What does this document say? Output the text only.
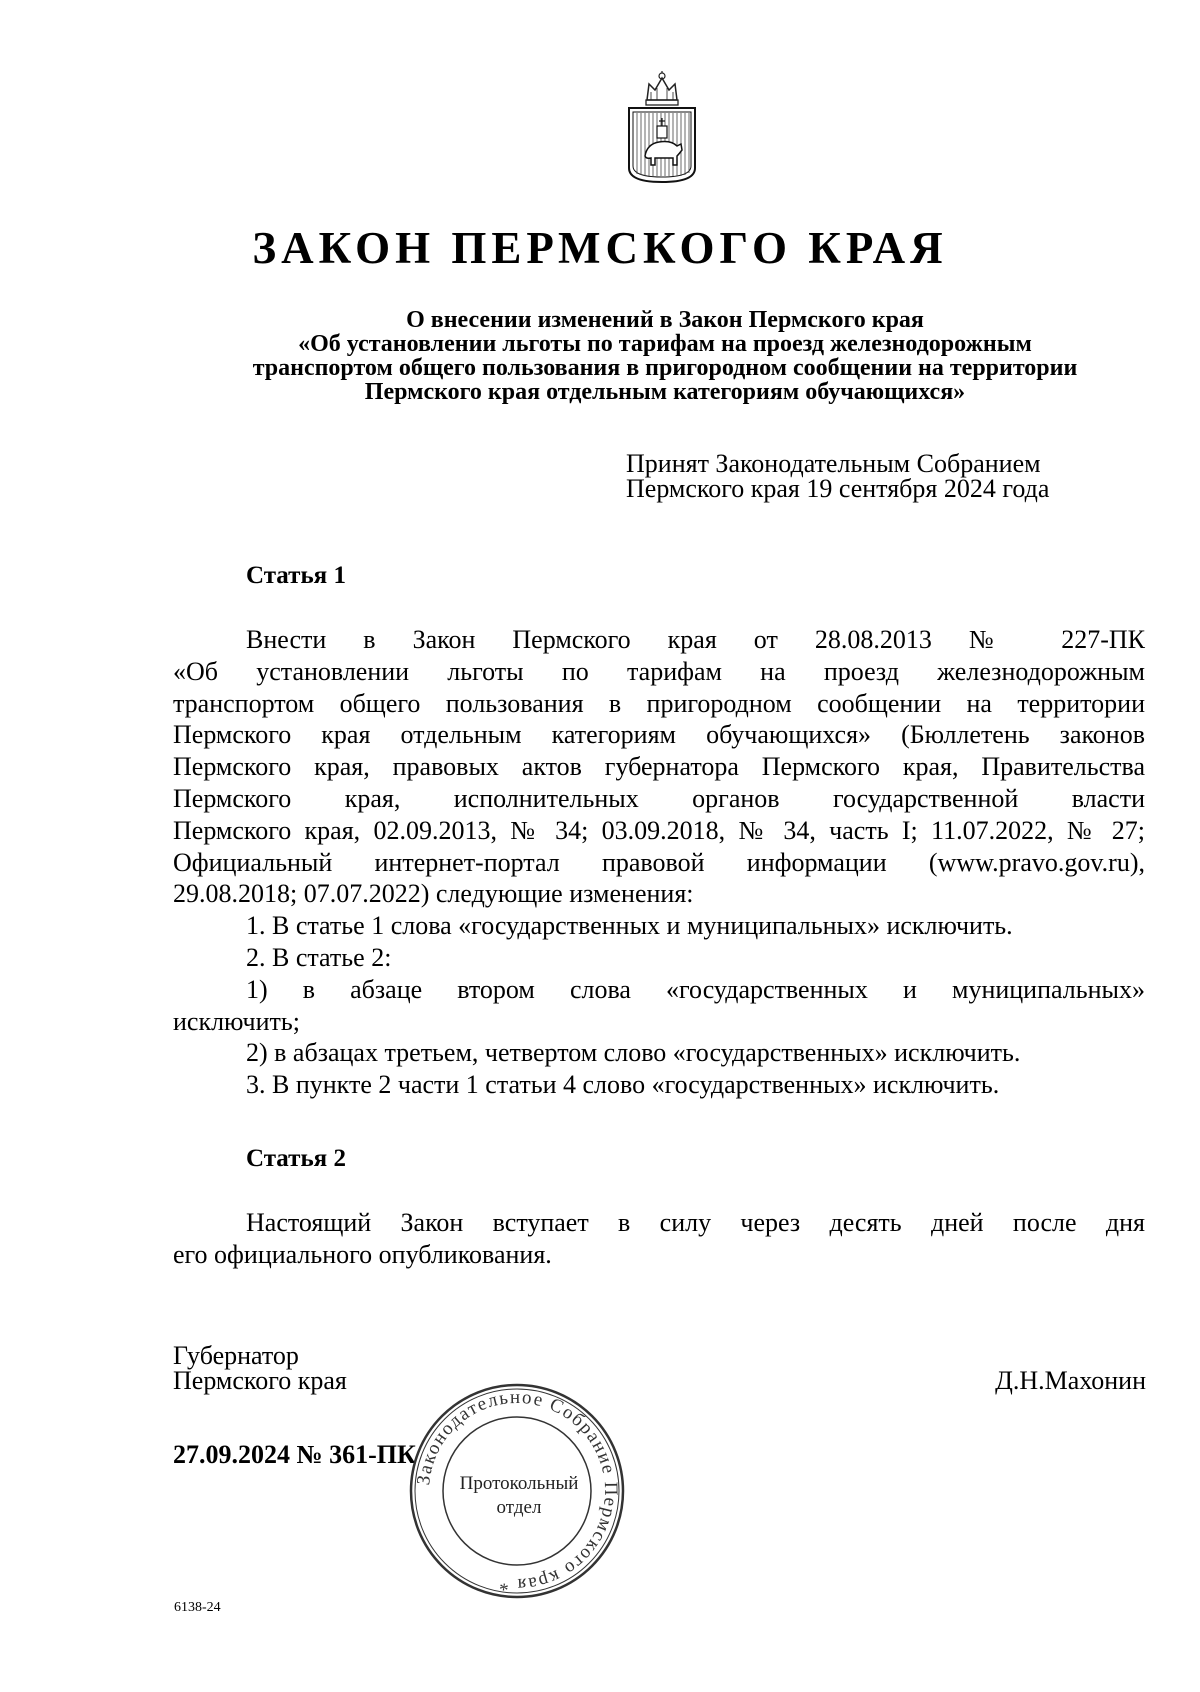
ЗАКОН ПЕРМСКОГО КРАЯ
О внесении изменений в Закон Пермского края
«Об установлении льготы по тарифам на проезд железнодорожным
транспортом общего пользования в пригородном сообщении на территории
Пермского края отдельным категориям обучающихся»
Принят Законодательным Собранием
Пермского края 19 сентября 2024 года
Статья 1
Внести в Закон Пермского края от 28.08.2013 № 227-ПК
«Об установлении льготы по тарифам на проезд железнодорожным
транспортом общего пользования в пригородном сообщении на территории
Пермского края отдельным категориям обучающихся» (Бюллетень законов
Пермского края, правовых актов губернатора Пермского края, Правительства
Пермского края, исполнительных органов государственной власти
Пермского края, 02.09.2013, № 34; 03.09.2018, № 34, часть I; 11.07.2022, № 27;
Официальный интернет-портал правовой информации (www.pravo.gov.ru),
29.08.2018; 07.07.2022) следующие изменения:
1. В статье 1 слова «государственных и муниципальных» исключить.
2. В статье 2:
1) в абзаце втором слова «государственных и муниципальных»
исключить;
2) в абзацах третьем, четвертом слово «государственных» исключить.
3. В пункте 2 части 1 статьи 4 слово «государственных» исключить.
Статья 2
Настоящий Закон вступает в силу через десять дней после дня
его официального опубликования.
Губернатор
Пермского края	Д.Н.Махонин
27.09.2024 № 361-ПК
Законодательное Собрание Пермского края *
Протокольный
отдел
6138-24
